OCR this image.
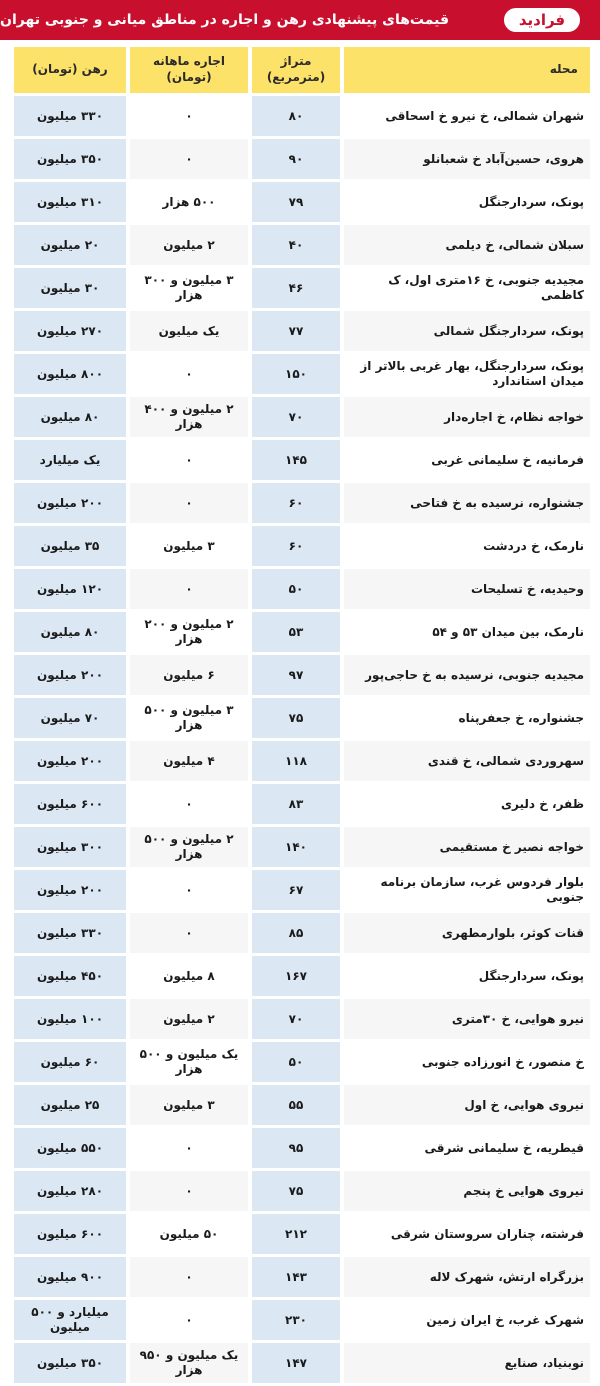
قیمت‌های پیشنهادی رهن و اجاره در مناطق میانی و جنوبی تهران	فرادید
محله	متراژ (مترمربع)	اجاره ماهانه (تومان)	رهن (تومان)
شهران شمالی، خ نیرو خ اسحاقی	۸۰	۰	۳۳۰ میلیون
هروی، حسین‌آباد خ شعبانلو	۹۰	۰	۳۵۰ میلیون
پونک، سردارجنگل	۷۹	۵۰۰ هزار	۳۱۰ میلیون
سبلان شمالی، خ دیلمی	۴۰	۲ میلیون	۲۰ میلیون
مجیدیه جنوبی، خ ۱۶متری اول، ک کاظمی	۴۶	۳ میلیون و ۳۰۰ هزار	۳۰ میلیون
پونک، سردارجنگل شمالی	۷۷	یک میلیون	۲۷۰ میلیون
پونک، سردارجنگل، بهار غربی بالاتر از میدان استاندارد	۱۵۰	۰	۸۰۰ میلیون
خواجه نظام، خ اجاره‌دار	۷۰	۲ میلیون و ۴۰۰ هزار	۸۰ میلیون
فرمانیه، خ سلیمانی غربی	۱۴۵	۰	یک میلیارد
جشنواره، نرسیده به خ فتاحی	۶۰	۰	۲۰۰ میلیون
نارمک، خ دردشت	۶۰	۳ میلیون	۳۵ میلیون
وحیدیه، خ تسلیحات	۵۰	۰	۱۲۰ میلیون
نارمک، بین میدان ۵۳ و ۵۴	۵۳	۲ میلیون و ۲۰۰ هزار	۸۰ میلیون
مجیدیه جنوبی، نرسیده به خ حاجی‌پور	۹۷	۶ میلیون	۲۰۰ میلیون
جشنواره، خ جعفرپناه	۷۵	۳ میلیون و ۵۰۰ هزار	۷۰ میلیون
سهروردی شمالی، خ قندی	۱۱۸	۴ میلیون	۲۰۰ میلیون
ظفر، خ دلیری	۸۳	۰	۶۰۰ میلیون
خواجه نصیر خ مستقیمی	۱۴۰	۲ میلیون و ۵۰۰ هزار	۳۰۰ میلیون
بلوار فردوس غرب، سازمان برنامه جنوبی	۶۷	۰	۲۰۰ میلیون
قنات کوثر، بلوارمطهری	۸۵	۰	۳۳۰ میلیون
پونک، سردارجنگل	۱۶۷	۸ میلیون	۴۵۰ میلیون
نیرو هوایی، خ ۳۰متری	۷۰	۲ میلیون	۱۰۰ میلیون
خ منصور، خ انورزاده جنوبی	۵۰	یک میلیون و ۵۰۰ هزار	۶۰ میلیون
نیروی هوایی، خ اول	۵۵	۳ میلیون	۲۵ میلیون
قیطریه، خ سلیمانی شرقی	۹۵	۰	۵۵۰ میلیون
نیروی هوایی خ پنجم	۷۵	۰	۲۸۰ میلیون
فرشته، چناران سروستان شرقی	۲۱۲	۵۰ میلیون	۶۰۰ میلیون
بزرگراه ارتش، شهرک لاله	۱۴۳	۰	۹۰۰ میلیون
شهرک غرب، خ ایران زمین	۲۳۰	۰	میلیارد و ۵۰۰ میلیون
نوبنیاد، صنایع	۱۴۷	یک میلیون و ۹۵۰ هزار	۳۵۰ میلیون
